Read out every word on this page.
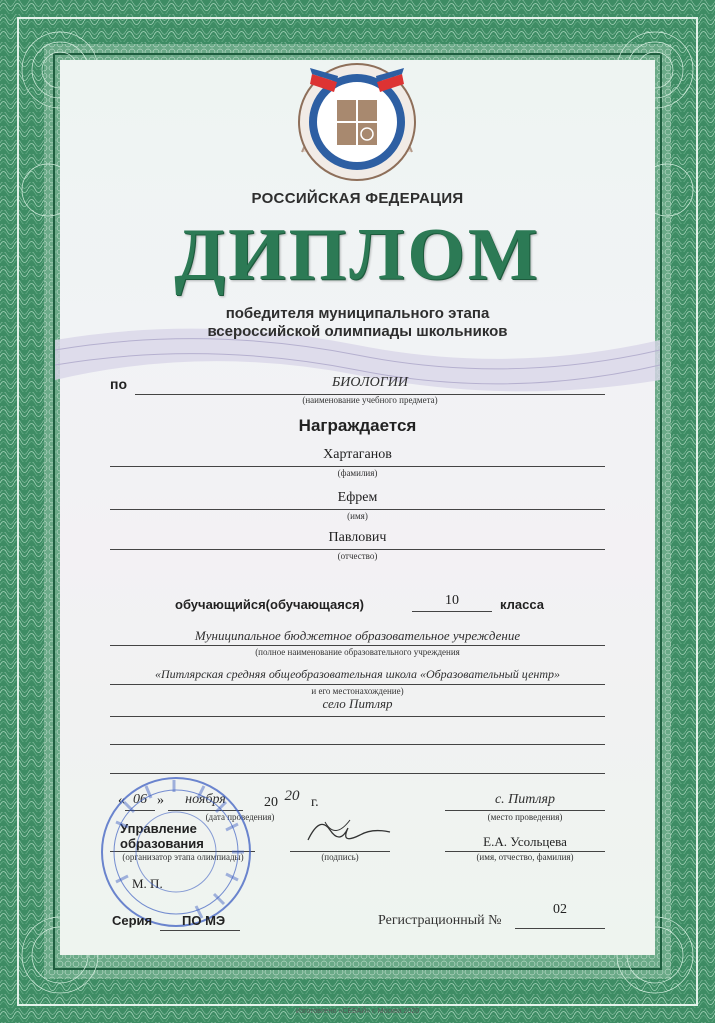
РОССИЙСКАЯ ФЕДЕРАЦИЯ
ДИПЛОМ
победителя муниципального этапа
всероссийской олимпиады школьников
по	БИОЛОГИИ
(наименование учебного предмета)
Награждается
Хартаганов
(фамилия)
Ефрем
(имя)
Павлович
(отчество)
обучающийся(обучающаяся)	10	класса
Муниципальное бюджетное образовательное учреждение
(полное наименование образовательного учреждения
«Питлярская средняя общеобразовательная школа «Образовательный центр»
и его местонахождение)
село Питляр
« 06 »	ноября	20 20 г.
(дата проведения)
с. Питляр
(место проведения)
Управление
образования
(организатор этапа олимпиады)	(подпись)
Е.А. Усольцева
(имя, отчество, фамилия)
М. П.
Серия ПО МЭ	Регистрационный №
02
Изготовлено «СЕБАЙ» г. Москва 2020
